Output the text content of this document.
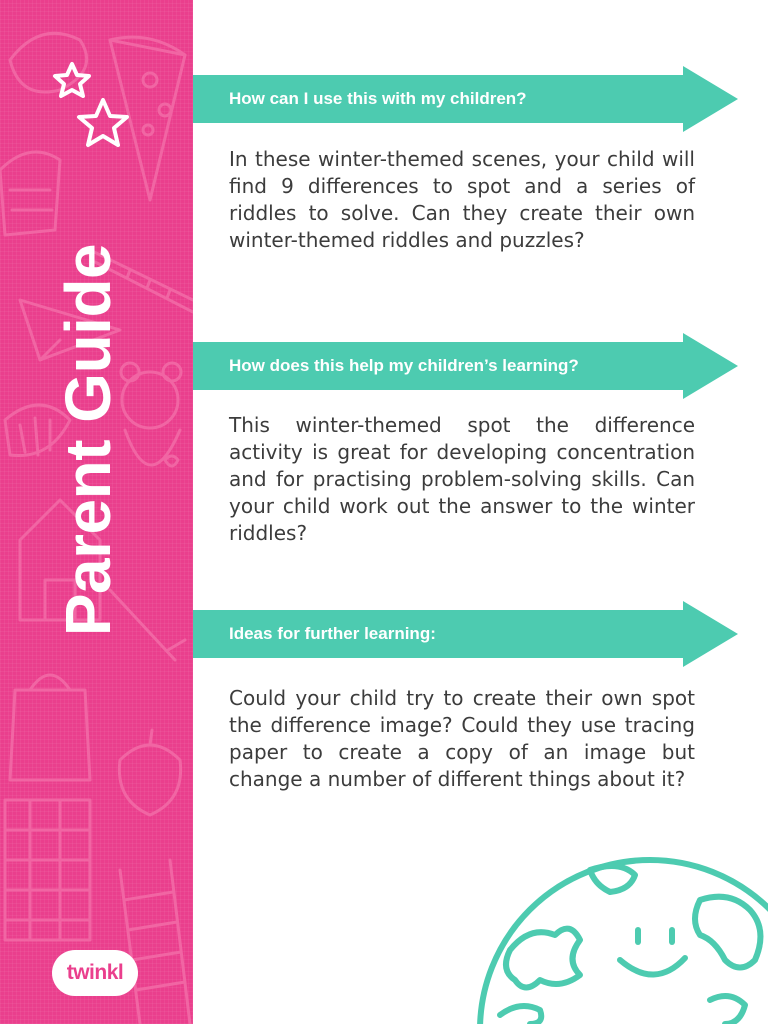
Parent Guide
twinkl
How can I use this with my children?

In these winter-themed scenes, your child will find 9 differences to spot and a series of riddles to solve. Can they create their own winter-themed riddles and puzzles?

How does this help my children’s learning?

This winter-themed spot the difference activity is great for developing concentration and for practising problem-solving skills. Can your child work out the answer to the winter riddles?

Ideas for further learning:

Could your child try to create their own spot the difference image? Could they use tracing paper to create a copy of an image but change a number of different things about it?
